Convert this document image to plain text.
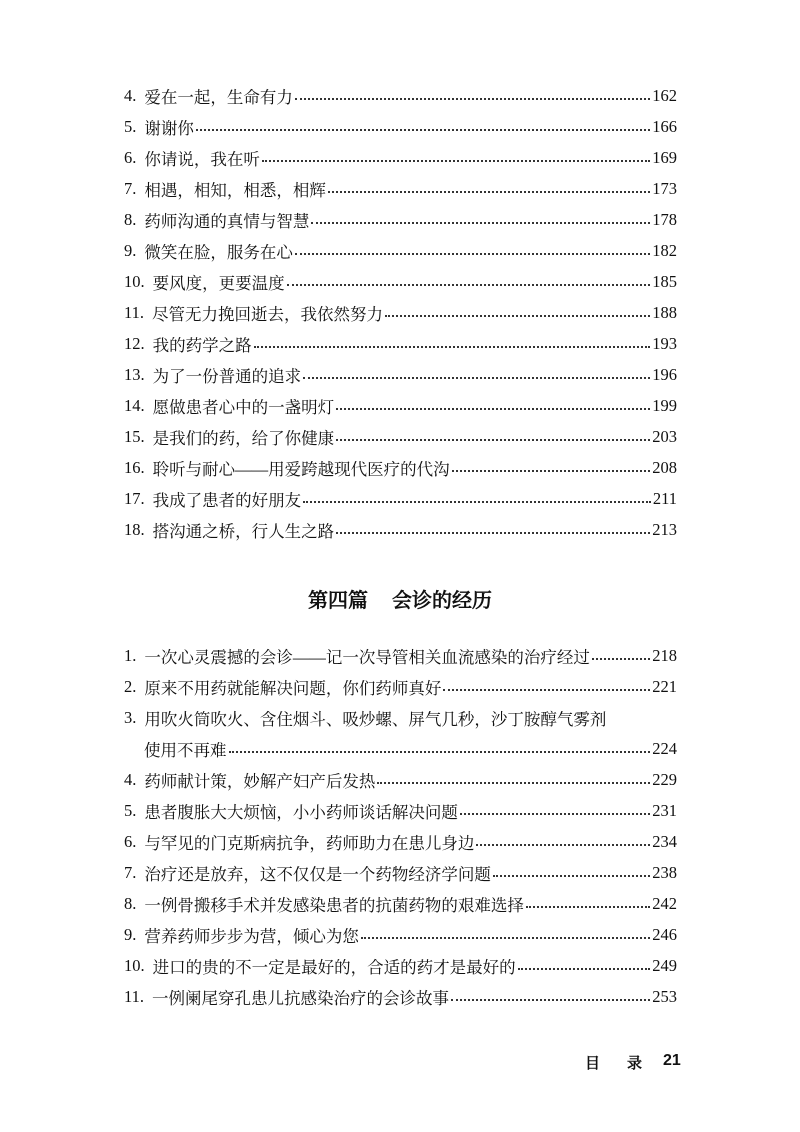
4. 爱在一起，生命有力	162
5. 谢谢你	166
6. 你请说，我在听	169
7. 相遇，相知，相悉，相辉	173
8. 药师沟通的真情与智慧	178
9. 微笑在脸，服务在心	182
10. 要风度，更要温度	185
11. 尽管无力挽回逝去，我依然努力	188
12. 我的药学之路	193
13. 为了一份普通的追求	196
14. 愿做患者心中的一盏明灯	199
15. 是我们的药，给了你健康	203
16. 聆听与耐心——用爱跨越现代医疗的代沟	208
17. 我成了患者的好朋友	211
18. 搭沟通之桥，行人生之路	213
第四篇 会诊的经历
1. 一次心灵震撼的会诊——记一次导管相关血流感染的治疗经过	218
2. 原来不用药就能解决问题，你们药师真好	221
3. 用吹火筒吹火、含住烟斗、吸炒螺、屏气几秒，沙丁胺醇气雾剂
使用不再难	224
4. 药师献计策，妙解产妇产后发热	229
5. 患者腹胀大大烦恼，小小药师谈话解决问题	231
6. 与罕见的门克斯病抗争，药师助力在患儿身边	234
7. 治疗还是放弃，这不仅仅是一个药物经济学问题	238
8. 一例骨搬移手术并发感染患者的抗菌药物的艰难选择	242
9. 营养药师步步为营，倾心为您	246
10. 进口的贵的不一定是最好的，合适的药才是最好的	249
11. 一例阑尾穿孔患儿抗感染治疗的会诊故事	253
目 录 21
